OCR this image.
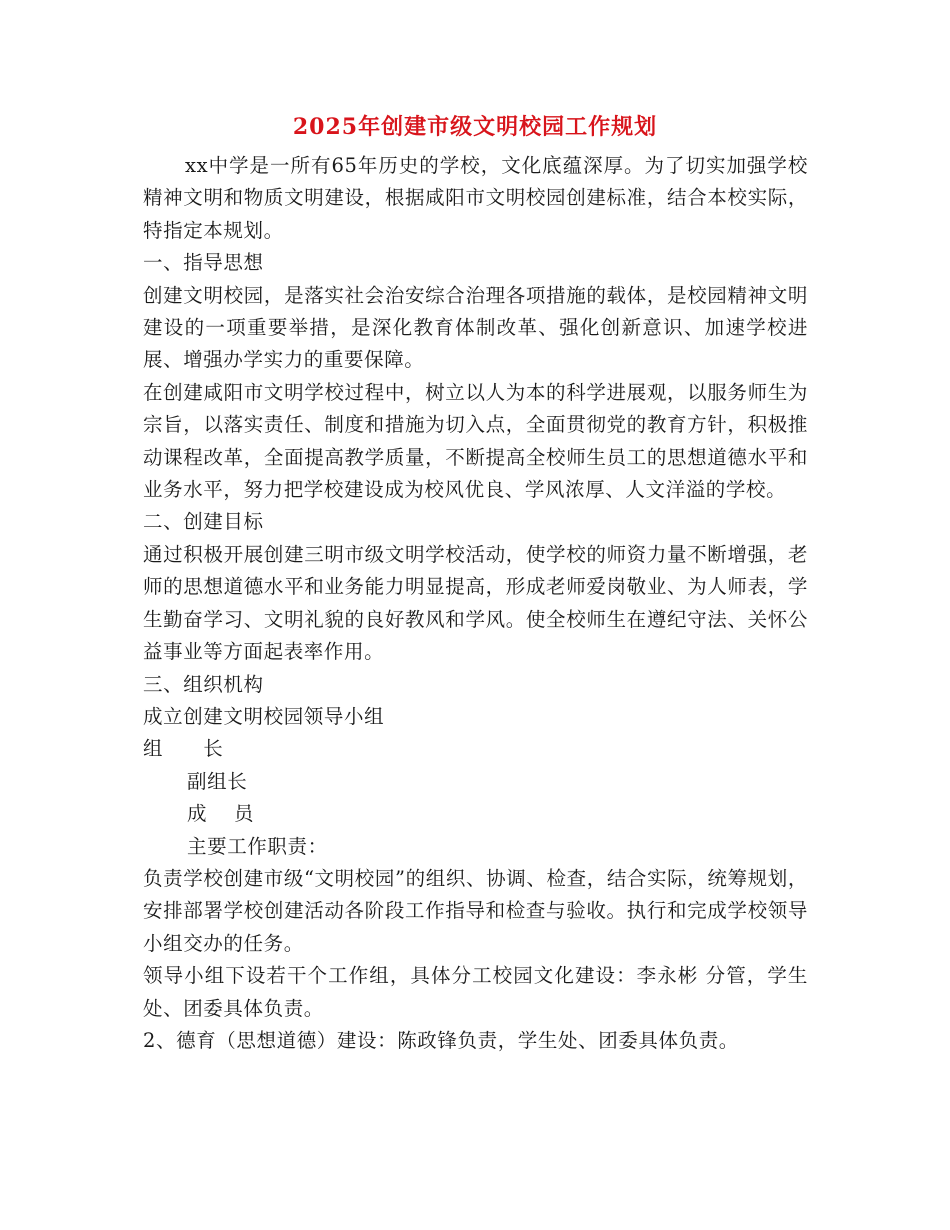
2025年创建市级文明校园工作规划

xx中学是一所有65年历史的学校，文化底蕴深厚。为了切实加强学校精神文明和物质文明建设，根据咸阳市文明校园创建标准，结合本校实际，特指定本规划。

一、指导思想

创建文明校园，是落实社会治安综合治理各项措施的载体，是校园精神文明建设的一项重要举措，是深化教育体制改革、强化创新意识、加速学校进展、增强办学实力的重要保障。

在创建咸阳市文明学校过程中，树立以人为本的科学进展观，以服务师生为宗旨，以落实责任、制度和措施为切入点，全面贯彻党的教育方针，积极推动课程改革，全面提高教学质量，不断提高全校师生员工的思想道德水平和业务水平，努力把学校建设成为校风优良、学风浓厚、人文洋溢的学校。

二、创建目标

通过积极开展创建三明市级文明学校活动，使学校的师资力量不断增强，老师的思想道德水平和业务能力明显提高，形成老师爱岗敬业、为人师表，学生勤奋学习、文明礼貌的良好教风和学风。使全校师生在遵纪守法、关怀公益事业等方面起表率作用。

三、组织机构

成立创建文明校园领导小组

组　　长

副组长

成　 员

主要工作职责：

负责学校创建市级“文明校园”的组织、协调、检查，结合实际，统筹规划，安排部署学校创建活动各阶段工作指导和检查与验收。执行和完成学校领导小组交办的任务。

领导小组下设若干个工作组，具体分工校园文化建设：李永彬 分管，学生处、团委具体负责。

2、德育（思想道德）建设：陈政锋负责，学生处、团委具体负责。
